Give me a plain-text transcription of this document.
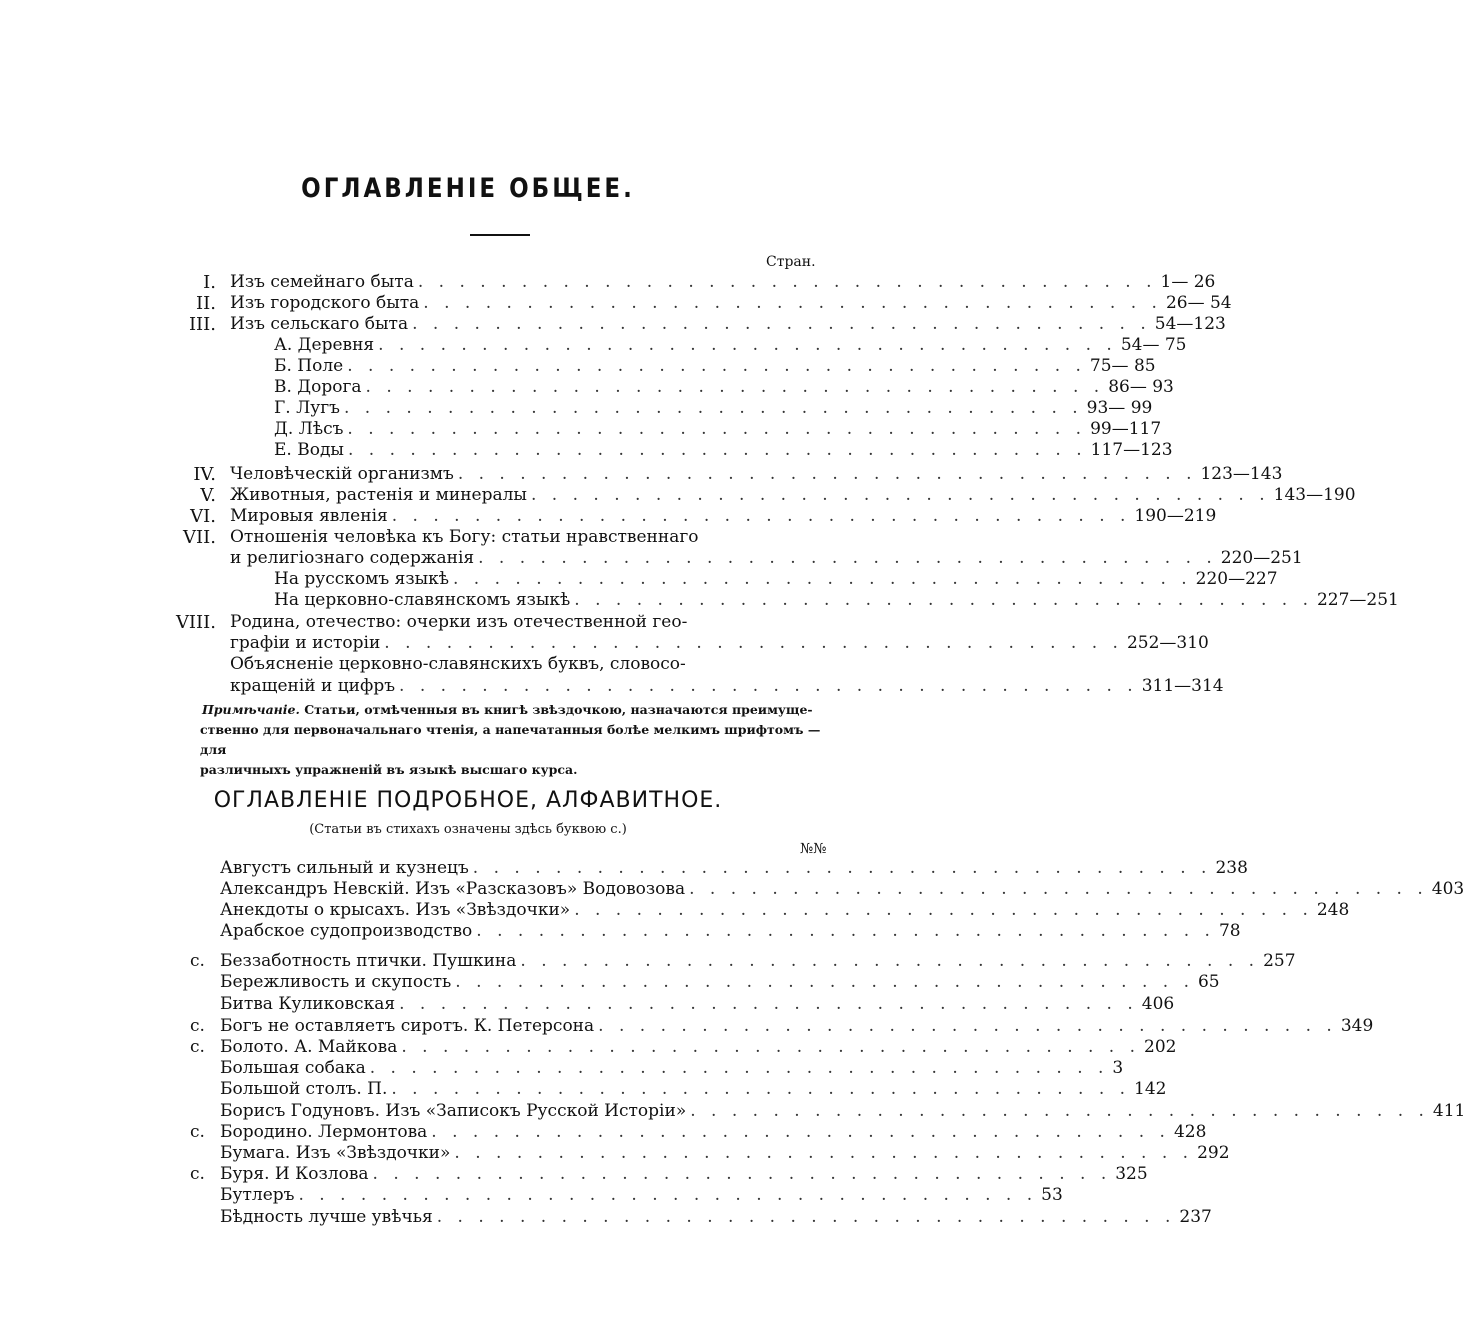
ОГЛАВЛЕНIЕ ОБЩЕЕ.
Стран.
I. Изъ семейнаго быта . . . . . . . . . . . . . . . . . . . . . . . . . . . . . . . . . . . . 1— 26
II. Изъ городского быта . . . . . . . . . . . . . . . . . . . . . . . . . . . . . . . . . . . . 26— 54
III. Изъ сельскаго быта . . . . . . . . . . . . . . . . . . . . . . . . . . . . . . . . . . . . 54—123
А. Деревня . . . . . . . . . . . . . . . . . . . . . . . . . . . . . . . . . . . . 54— 75
Б. Поле . . . . . . . . . . . . . . . . . . . . . . . . . . . . . . . . . . . . 75— 85
В. Дорога . . . . . . . . . . . . . . . . . . . . . . . . . . . . . . . . . . . . 86— 93
Г. Лугъ . . . . . . . . . . . . . . . . . . . . . . . . . . . . . . . . . . . . 93— 99
Д. Лѣсъ . . . . . . . . . . . . . . . . . . . . . . . . . . . . . . . . . . . . 99—117
Е. Воды . . . . . . . . . . . . . . . . . . . . . . . . . . . . . . . . . . . . 117—123
IV. Человѣческiй организмъ . . . . . . . . . . . . . . . . . . . . . . . . . . . . . . . . . . . . 123—143
V. Животныя, растенiя и минералы . . . . . . . . . . . . . . . . . . . . . . . . . . . . . . . . . . . . 143—190
VI. Мировыя явленiя . . . . . . . . . . . . . . . . . . . . . . . . . . . . . . . . . . . . 190—219
VII. Отношенiя человѣка къ Богу: статьи нравственнаго
и религiознаго содержанiя . . . . . . . . . . . . . . . . . . . . . . . . . . . . . . . . . . . . 220—251
На русскомъ языкѣ . . . . . . . . . . . . . . . . . . . . . . . . . . . . . . . . . . . . 220—227
На церковно-славянскомъ языкѣ . . . . . . . . . . . . . . . . . . . . . . . . . . . . . . . . . . . . 227—251
VIII. Родина, отечество: очерки изъ отечественной гео-
графiи и исторiи . . . . . . . . . . . . . . . . . . . . . . . . . . . . . . . . . . . . 252—310
Объясненiе церковно-славянскихъ буквъ, словосо-
кращенiй и цифръ . . . . . . . . . . . . . . . . . . . . . . . . . . . . . . . . . . . . 311—314
Примѣчанiе. Статьи, отмѣченныя въ книгѣ звѣздочкою, назначаются преимуще-
ственно для первоначальнаго чтенiя, а напечатанныя болѣе мелкимъ шрифтомъ — для
различныхъ упражненiй въ языкѣ высшаго курса.
ОГЛАВЛЕНIЕ ПОДРОБНОЕ, АЛФАВИТНОЕ.
(Статьи въ стихахъ означены здѣсь буквою с.)
№№
Августъ сильный и кузнецъ . . . . . . . . . . . . . . . . . . . . . . . . . . . . . . . . . . . . 238
Александръ Невскiй. Изъ «Разсказовъ» Водовозова . . . . . . . . . . . . . . . . . . . . . . . . . . . . . . . . . . . . 403
Анекдоты о крысахъ. Изъ «Звѣздочки» . . . . . . . . . . . . . . . . . . . . . . . . . . . . . . . . . . . . 248
Арабское судопроизводство . . . . . . . . . . . . . . . . . . . . . . . . . . . . . . . . . . . . 78
с. Беззаботность птички. Пушкина . . . . . . . . . . . . . . . . . . . . . . . . . . . . . . . . . . . . 257
Бережливость и скупость . . . . . . . . . . . . . . . . . . . . . . . . . . . . . . . . . . . . 65
Битва Куликовская . . . . . . . . . . . . . . . . . . . . . . . . . . . . . . . . . . . . 406
с. Богъ не оставляетъ сиротъ. К. Петерсона . . . . . . . . . . . . . . . . . . . . . . . . . . . . . . . . . . . . 349
с. Болото. А. Майкова . . . . . . . . . . . . . . . . . . . . . . . . . . . . . . . . . . . . 202
Большая собака . . . . . . . . . . . . . . . . . . . . . . . . . . . . . . . . . . . . 3
Большой столъ. П. . . . . . . . . . . . . . . . . . . . . . . . . . . . . . . . . . . . . 142
Борисъ Годуновъ. Изъ «Записокъ Русской Исторiи» . . . . . . . . . . . . . . . . . . . . . . . . . . . . . . . . . . . . 411
с. Бородино. Лермонтова . . . . . . . . . . . . . . . . . . . . . . . . . . . . . . . . . . . . 428
Бумага. Изъ «Звѣздочки» . . . . . . . . . . . . . . . . . . . . . . . . . . . . . . . . . . . . 292
с. Буря. И Козлова . . . . . . . . . . . . . . . . . . . . . . . . . . . . . . . . . . . . 325
Бутлеръ . . . . . . . . . . . . . . . . . . . . . . . . . . . . . . . . . . . . 53
Бѣдность лучше увѣчья . . . . . . . . . . . . . . . . . . . . . . . . . . . . . . . . . . . . 237
